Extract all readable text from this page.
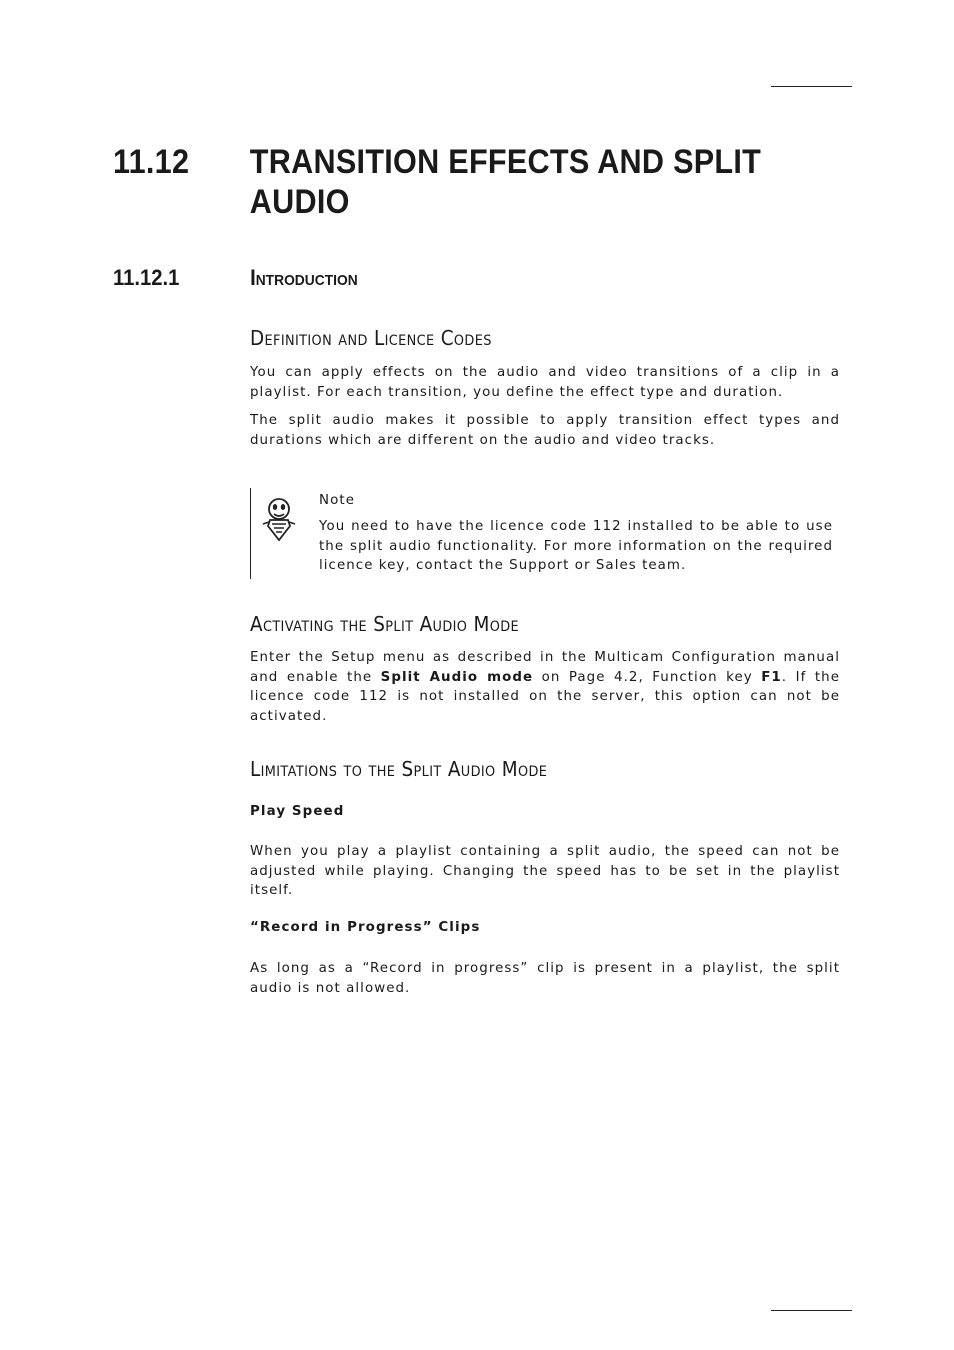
11.12 TRANSITION EFFECTS AND SPLIT AUDIO
11.12.1	Introduction
Definition and Licence Codes

You can apply effects on the audio and video transitions of a clip in a playlist. For each transition, you define the effect type and duration.

The split audio makes it possible to apply transition effect types and durations which are different on the audio and video tracks.

Note

You need to have the licence code 112 installed to be able to use the split audio functionality. For more information on the required licence key, contact the Support or Sales team.

Activating the Split Audio Mode

Enter the Setup menu as described in the Multicam Configuration manual and enable the Split Audio mode on Page 4.2, Function key F1. If the licence code 112 is not installed on the server, this option can not be activated.

Limitations to the Split Audio Mode
Play Speed

When you play a playlist containing a split audio, the speed can not be adjusted while playing. Changing the speed has to be set in the playlist itself.

“Record in Progress” Clips

As long as a “Record in progress” clip is present in a playlist, the split audio is not allowed.
